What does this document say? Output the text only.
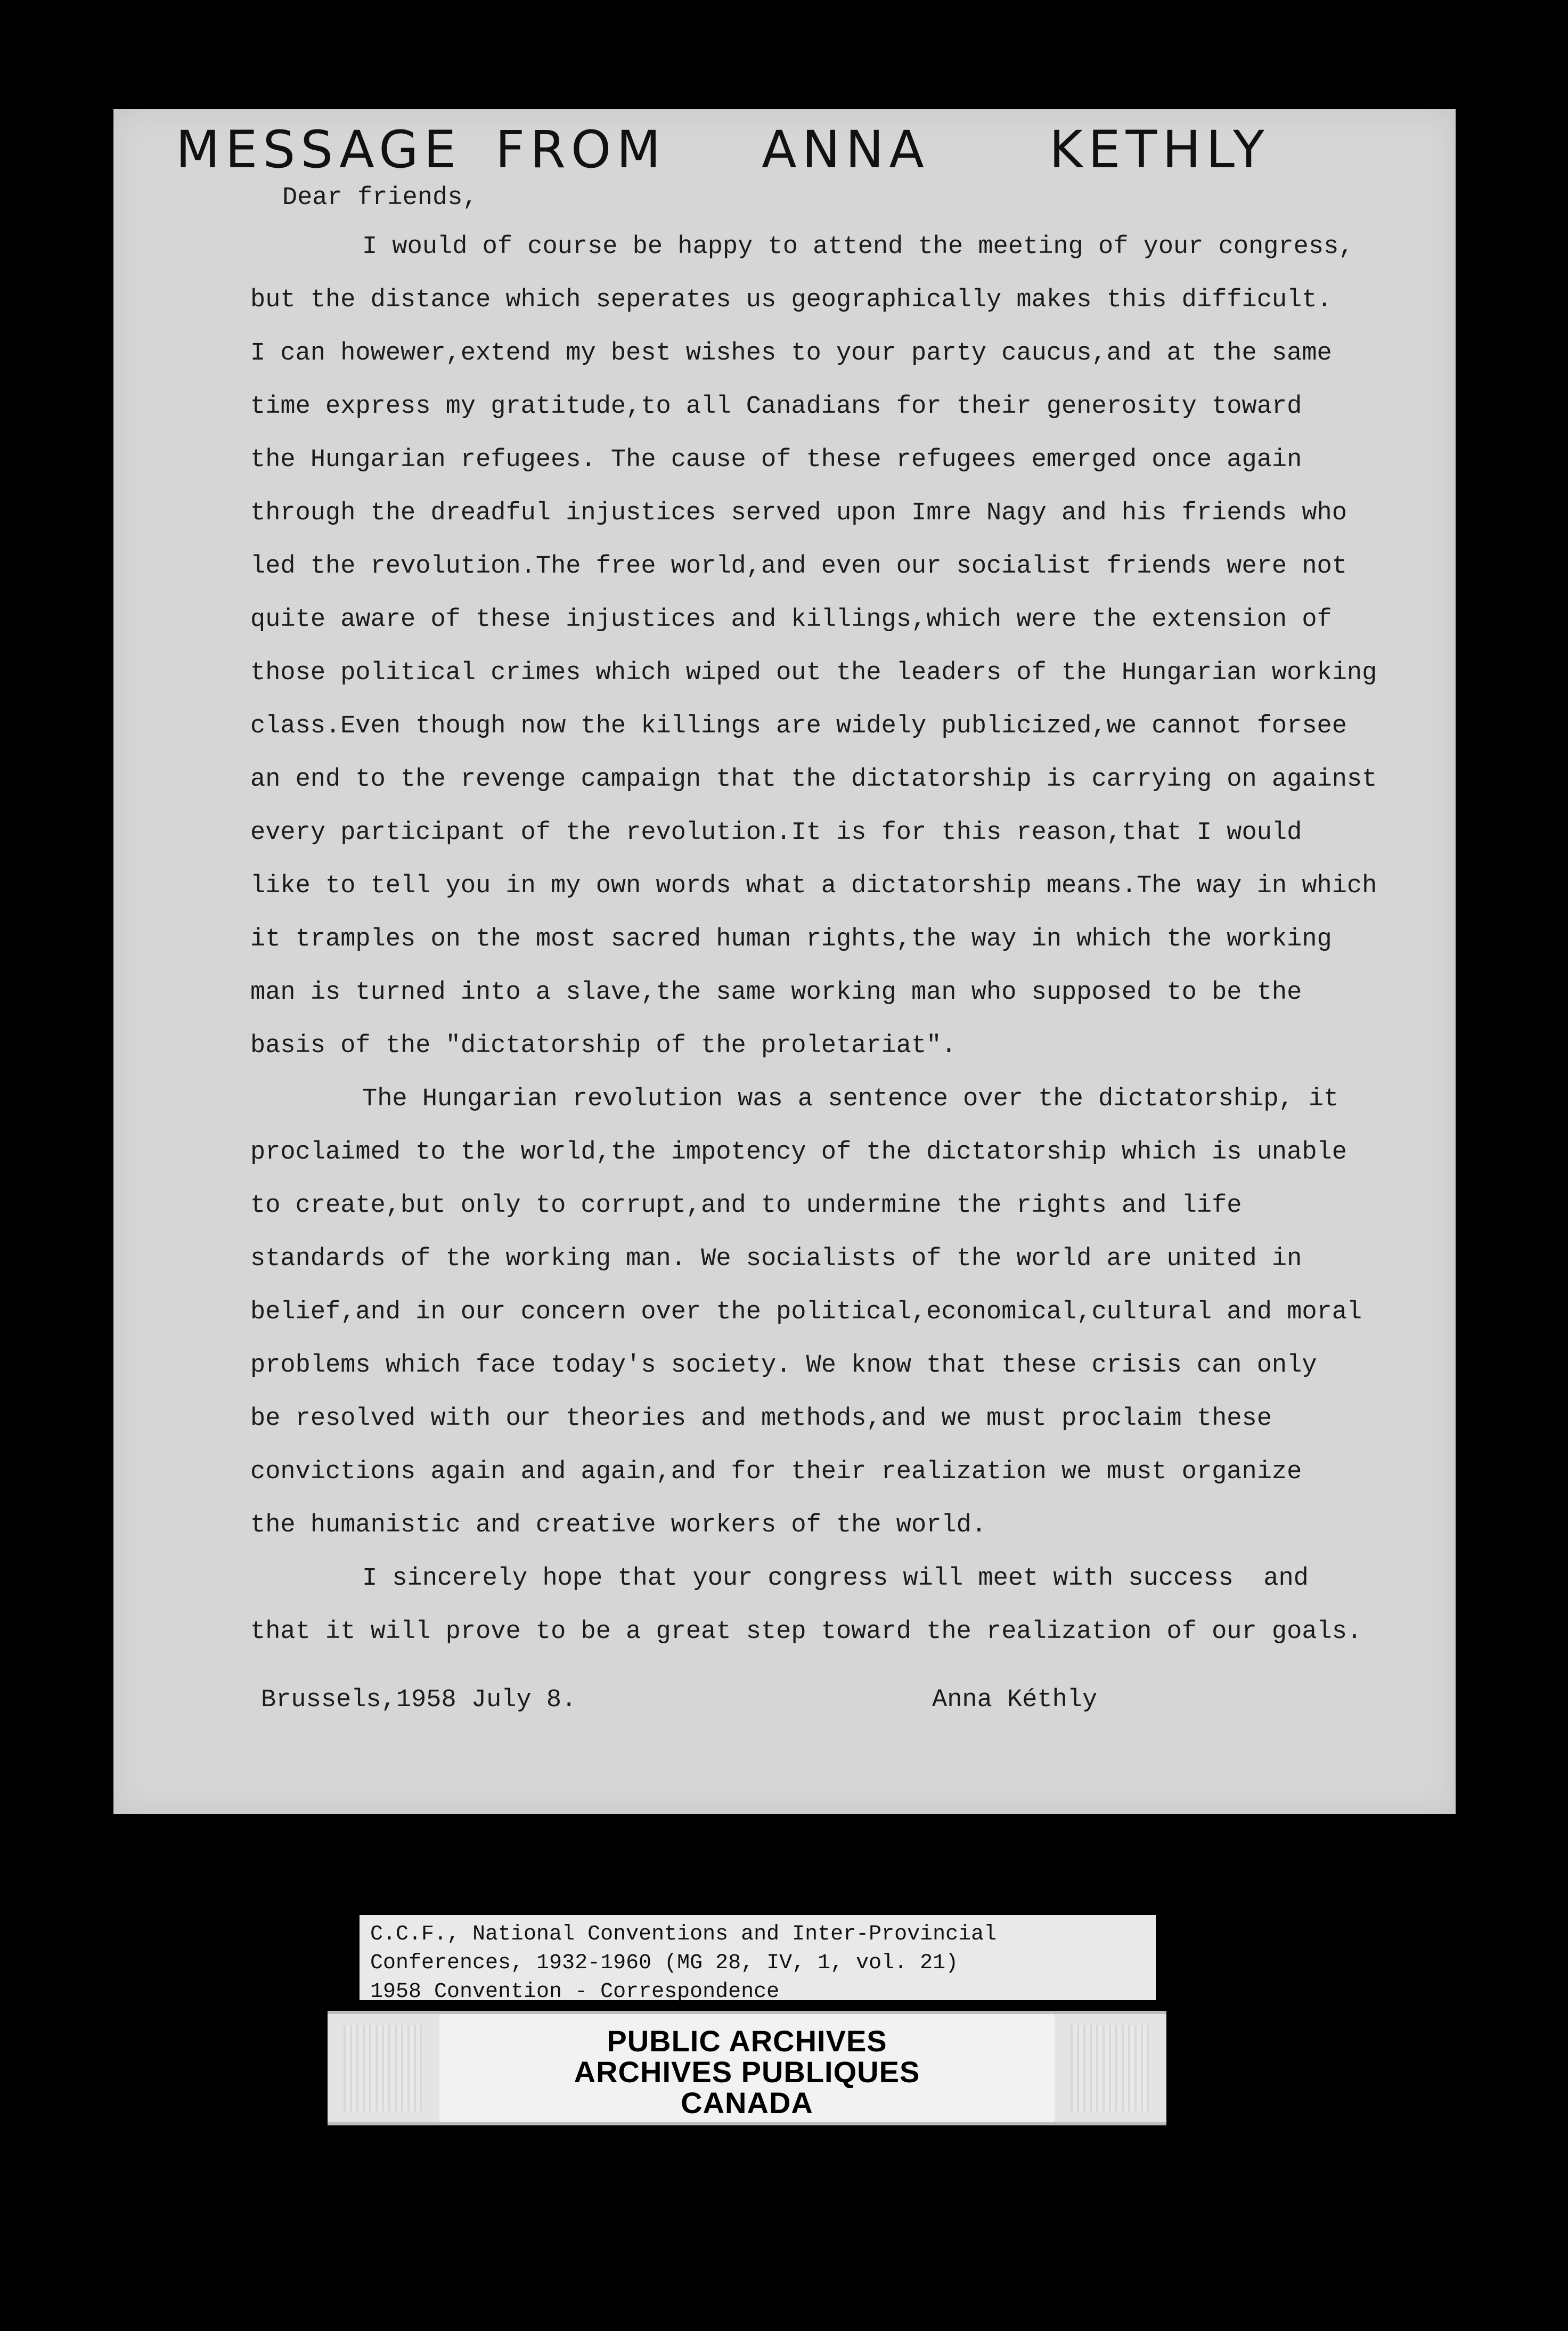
MESSAGE FROM ANNA KETHLY
Dear friends,
I would of course be happy to attend the meeting of your congress,
but the distance which seperates us geographically makes this difficult.
I can howewer,extend my best wishes to your party caucus,and at the same
time express my gratitude,to all Canadians for their generosity toward
the Hungarian refugees. The cause of these refugees emerged once again
through the dreadful injustices served upon Imre Nagy and his friends who
led the revolution.The free world,and even our socialist friends were not
quite aware of these injustices and killings,which were the extension of
those political crimes which wiped out the leaders of the Hungarian working
class.Even though now the killings are widely publicized,we cannot forsee
an end to the revenge campaign that the dictatorship is carrying on against
every participant of the revolution.It is for this reason,that I would
like to tell you in my own words what a dictatorship means.The way in which
it tramples on the most sacred human rights,the way in which the working
man is turned into a slave,the same working man who supposed to be the
basis of the "dictatorship of the proletariat".
The Hungarian revolution was a sentence over the dictatorship, it
proclaimed to the world,the impotency of the dictatorship which is unable
to create,but only to corrupt,and to undermine the rights and life
standards of the working man. We socialists of the world are united in
belief,and in our concern over the political,economical,cultural and moral
problems which face today's society. We know that these crisis can only
be resolved with our theories and methods,and we must proclaim these
convictions again and again,and for their realization we must organize
the humanistic and creative workers of the world.
I sincerely hope that your congress will meet with success  and
that it will prove to be a great step toward the realization of our goals.
Brussels,1958 July 8.	Anna Kéthly
C.C.F., National Conventions and Inter-Provincial
Conferences, 1932-1960 (MG 28, IV, 1, vol. 21)
1958 Convention - Correspondence
PUBLIC ARCHIVES
ARCHIVES PUBLIQUES
CANADA
